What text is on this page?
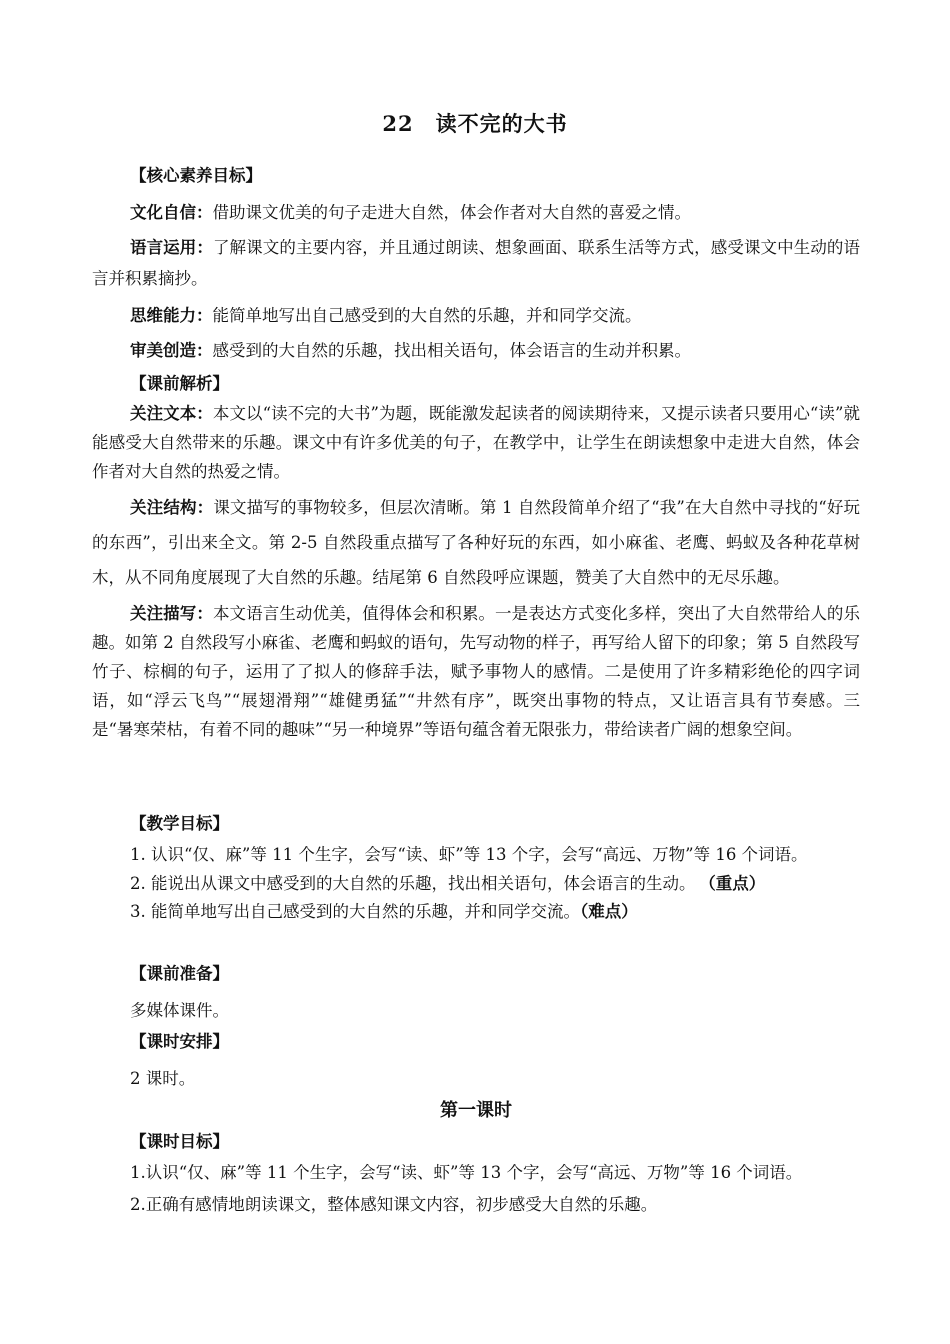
22 读不完的大书
【核心素养目标】
文化自信：借助课文优美的句子走进大自然，体会作者对大自然的喜爱之情。
语言运用：了解课文的主要内容，并且通过朗读、想象画面、联系生活等方式，感受课文中生动的语言并积累摘抄。
思维能力：能简单地写出自己感受到的大自然的乐趣，并和同学交流。
审美创造：感受到的大自然的乐趣，找出相关语句，体会语言的生动并积累。
【课前解析】
关注文本：本文以“读不完的大书”为题，既能激发起读者的阅读期待来，又提示读者只要用心“读”就能感受大自然带来的乐趣。课文中有许多优美的句子，在教学中，让学生在朗读想象中走进大自然，体会作者对大自然的热爱之情。
关注结构：课文描写的事物较多，但层次清晰。第 1 自然段简单介绍了“我”在大自然中寻找的“好玩的东西”，引出来全文。第 2-5 自然段重点描写了各种好玩的东西，如小麻雀、老鹰、蚂蚁及各种花草树木，从不同角度展现了大自然的乐趣。结尾第 6 自然段呼应课题，赞美了大自然中的无尽乐趣。
关注描写：本文语言生动优美，值得体会和积累。一是表达方式变化多样，突出了大自然带给人的乐趣。如第 2 自然段写小麻雀、老鹰和蚂蚁的语句，先写动物的样子，再写给人留下的印象；第 5 自然段写竹子、棕榈的句子，运用了了拟人的修辞手法，赋予事物人的感情。二是使用了许多精彩绝伦的四字词语，如“浮云飞鸟”“展翅滑翔”“雄健勇猛”“井然有序”，既突出事物的特点，又让语言具有节奏感。三是“暑寒荣枯，有着不同的趣味”“另一种境界”等语句蕴含着无限张力，带给读者广阔的想象空间。
【教学目标】
1. 认识“仅、麻”等 11 个生字，会写“读、虾”等 13 个字，会写“高远、万物”等 16 个词语。
2. 能说出从课文中感受到的大自然的乐趣，找出相关语句，体会语言的生动。 （重点）
3. 能简单地写出自己感受到的大自然的乐趣，并和同学交流。（难点）
【课前准备】
多媒体课件。
【课时安排】
2 课时。
第一课时
【课时目标】
1.认识“仅、麻”等 11 个生字，会写“读、虾”等 13 个字，会写“高远、万物”等 16 个词语。
2.正确有感情地朗读课文，整体感知课文内容，初步感受大自然的乐趣。
